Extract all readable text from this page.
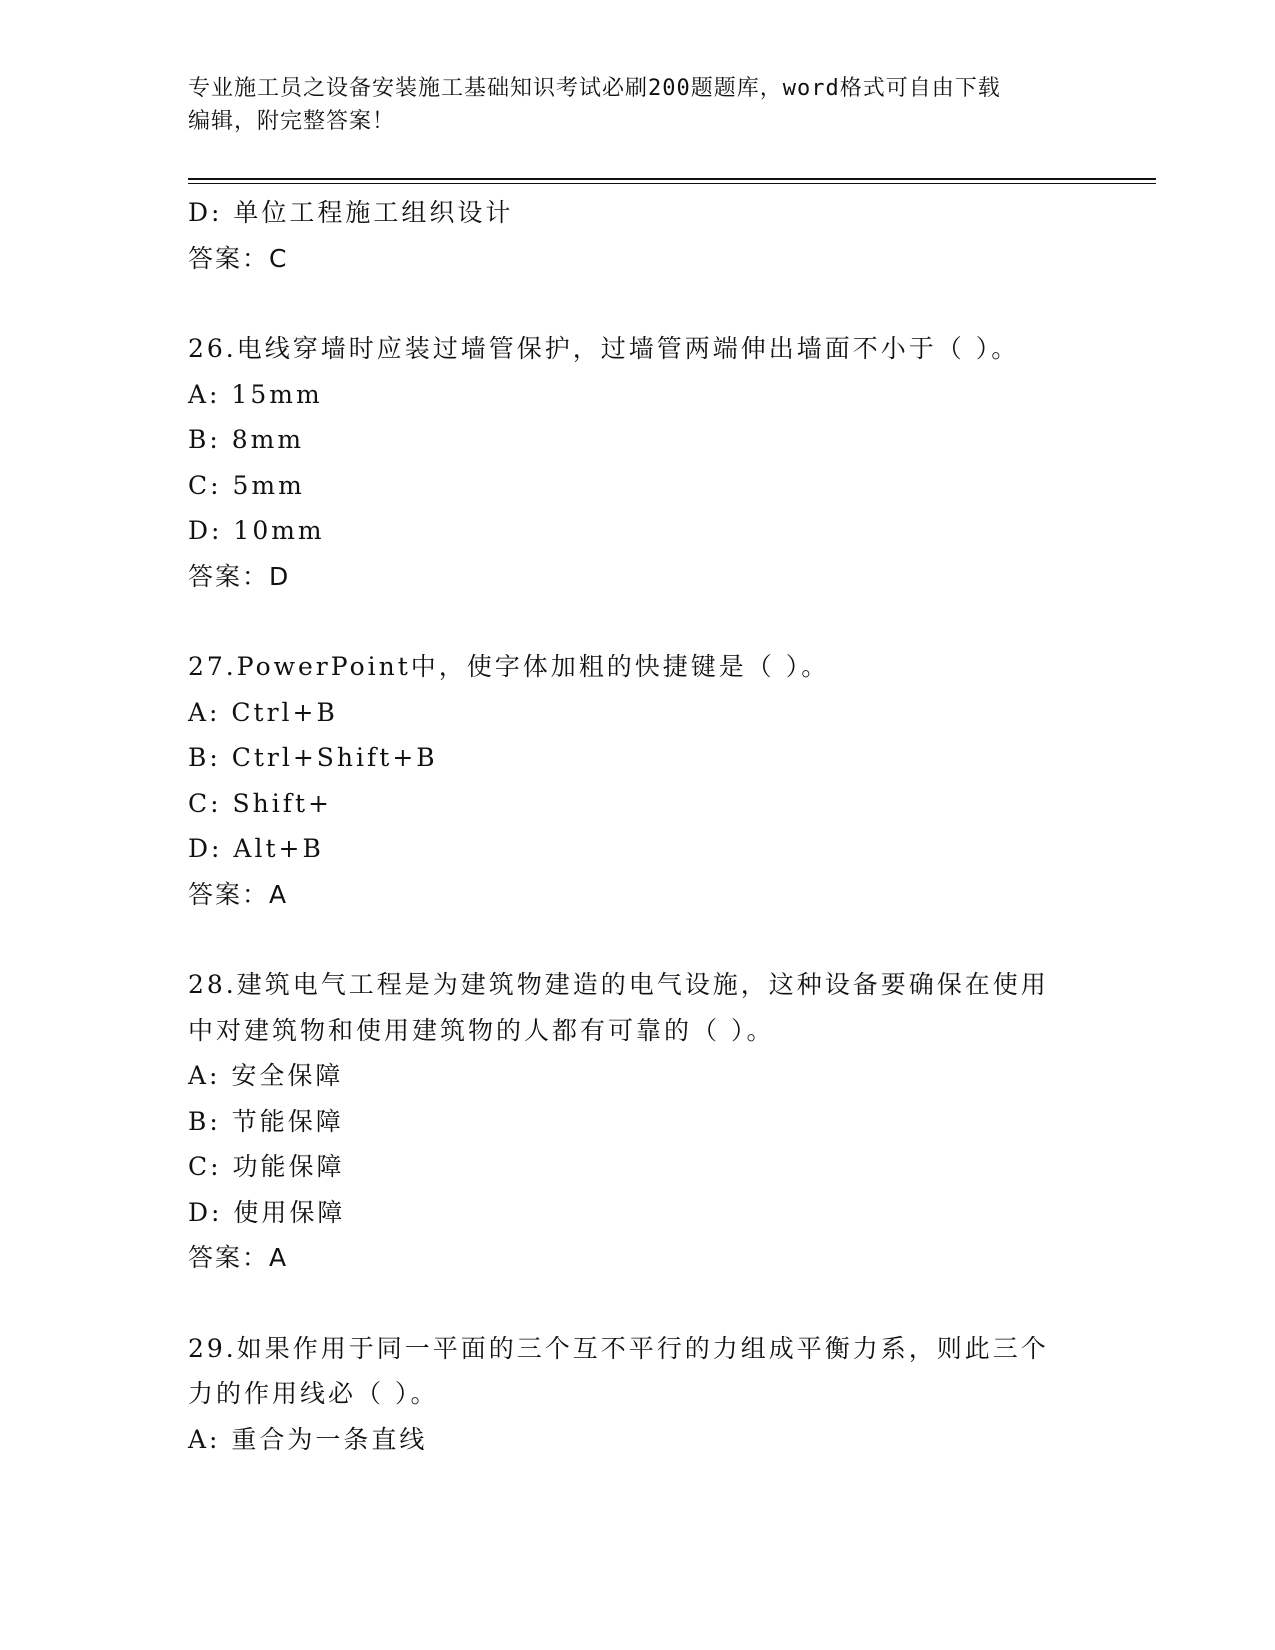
专业施工员之设备安装施工基础知识考试必刷200题题库，word格式可自由下载
编辑，附完整答案！
D: 单位工程施工组织设计
答案：C
26.电线穿墙时应装过墙管保护，过墙管两端伸出墙面不小于（ ）。
A: 15mm
B: 8mm
C: 5mm
D: 10mm
答案：D
27.PowerPoint中，使字体加粗的快捷键是（ ）。
A: Ctrl+B
B: Ctrl+Shift+B
C: Shift+
D: Alt+B
答案：A
28.建筑电气工程是为建筑物建造的电气设施，这种设备要确保在使用
中对建筑物和使用建筑物的人都有可靠的（ ）。
A: 安全保障
B: 节能保障
C: 功能保障
D: 使用保障
答案：A
29.如果作用于同一平面的三个互不平行的力组成平衡力系，则此三个
力的作用线必（ ）。
A: 重合为一条直线
